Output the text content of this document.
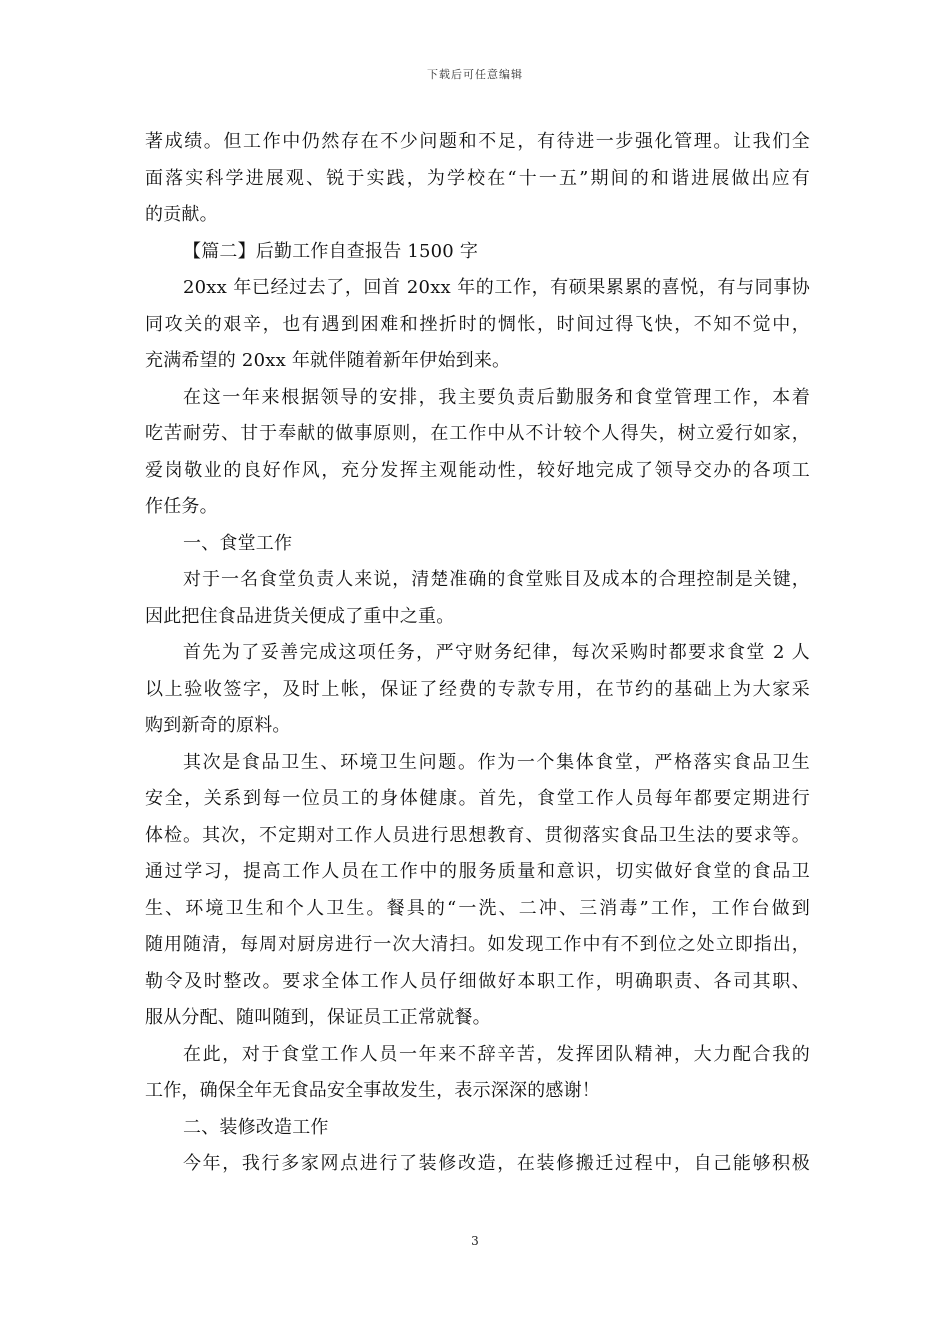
下载后可任意编辑
著成绩。但工作中仍然存在不少问题和不足，有待进一步强化管理。让我们全
面落实科学进展观、锐于实践，为学校在“十一五”期间的和谐进展做出应有
的贡献。
【篇二】后勤工作自查报告 1500 字
20xx 年已经过去了，回首 20xx 年的工作，有硕果累累的喜悦，有与同事协
同攻关的艰辛，也有遇到困难和挫折时的惆怅，时间过得飞快，不知不觉中，
充满希望的 20xx 年就伴随着新年伊始到来。
在这一年来根据领导的安排，我主要负责后勤服务和食堂管理工作，本着
吃苦耐劳、甘于奉献的做事原则，在工作中从不计较个人得失，树立爱行如家，
爱岗敬业的良好作风，充分发挥主观能动性，较好地完成了领导交办的各项工
作任务。
一、食堂工作
对于一名食堂负责人来说，清楚准确的食堂账目及成本的合理控制是关键，
因此把住食品进货关便成了重中之重。
首先为了妥善完成这项任务，严守财务纪律，每次采购时都要求食堂 2 人
以上验收签字，及时上帐，保证了经费的专款专用，在节约的基础上为大家采
购到新奇的原料。
其次是食品卫生、环境卫生问题。作为一个集体食堂，严格落实食品卫生
安全，关系到每一位员工的身体健康。首先，食堂工作人员每年都要定期进行
体检。其次，不定期对工作人员进行思想教育、贯彻落实食品卫生法的要求等。
通过学习，提高工作人员在工作中的服务质量和意识，切实做好食堂的食品卫
生、环境卫生和个人卫生。餐具的“一洗、二冲、三消毒”工作，工作台做到
随用随清，每周对厨房进行一次大清扫。如发现工作中有不到位之处立即指出，
勒令及时整改。要求全体工作人员仔细做好本职工作，明确职责、各司其职、
服从分配、随叫随到，保证员工正常就餐。
在此，对于食堂工作人员一年来不辞辛苦，发挥团队精神，大力配合我的
工作，确保全年无食品安全事故发生，表示深深的感谢！
二、装修改造工作
今年，我行多家网点进行了装修改造，在装修搬迁过程中，自己能够积极
3
